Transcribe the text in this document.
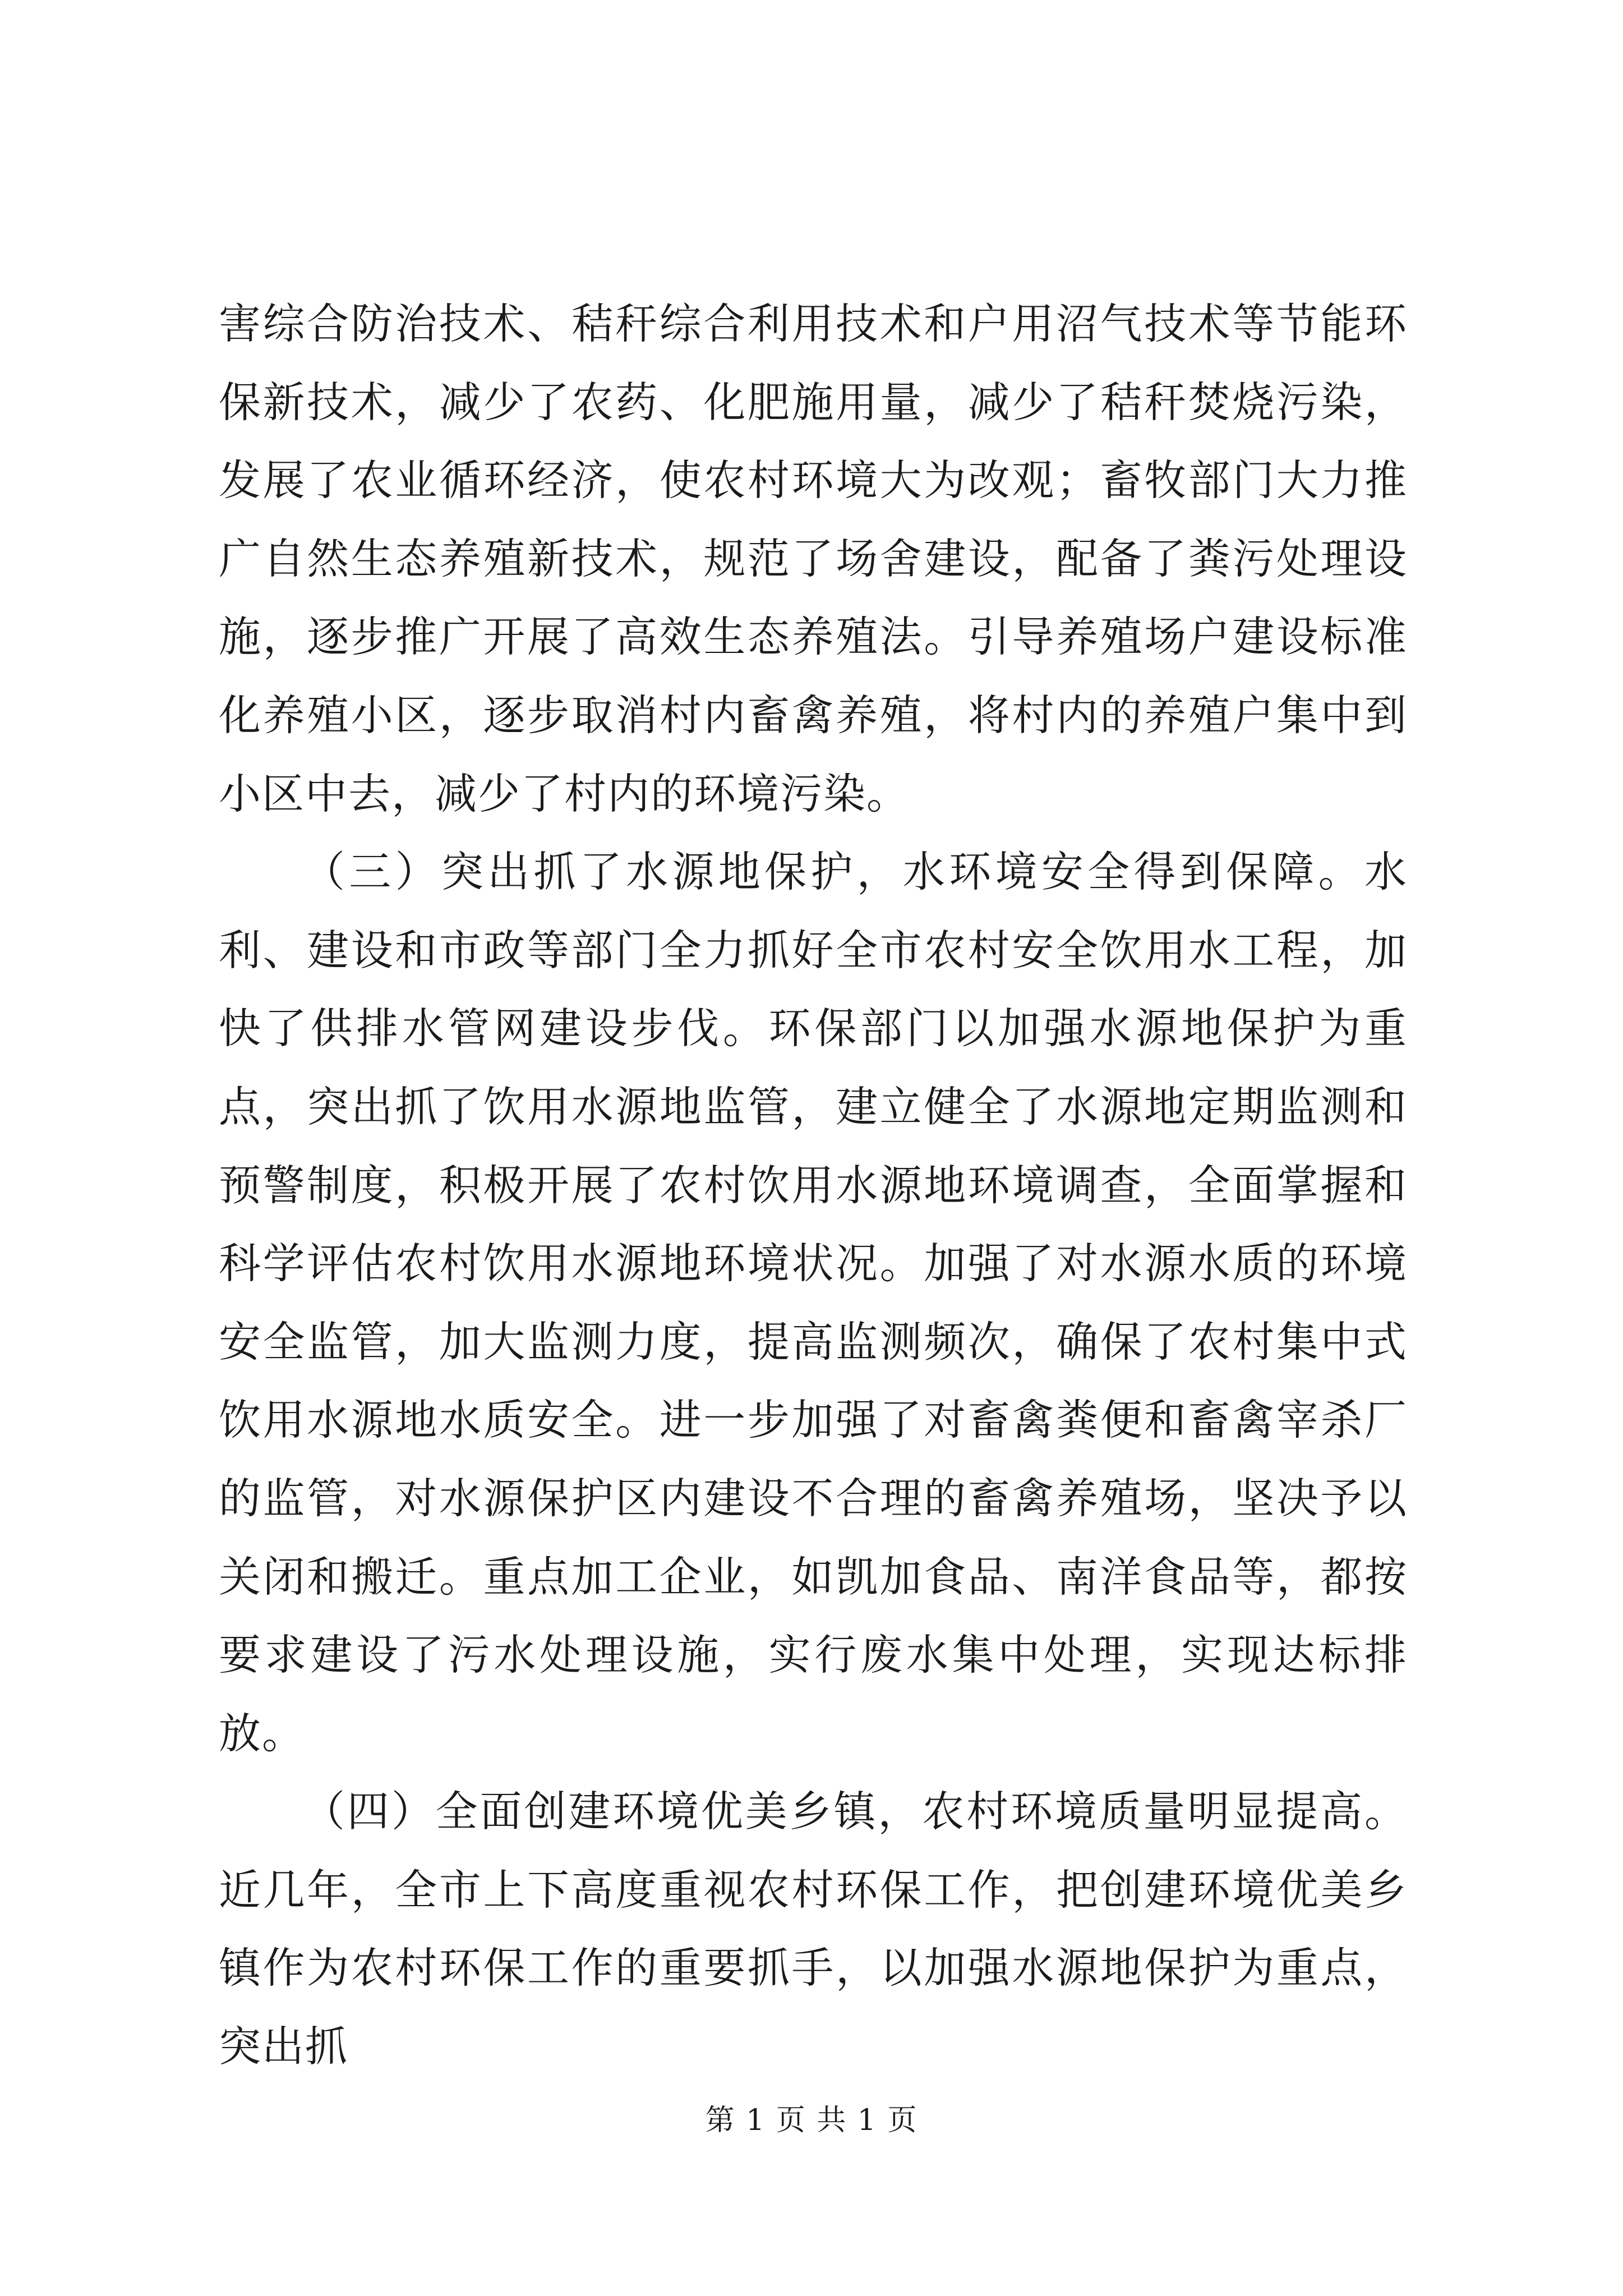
害综合防治技术、秸秆综合利用技术和户用沼气技术等节能环保新技术，减少了农药、化肥施用量，减少了秸秆焚烧污染，发展了农业循环经济，使农村环境大为改观；畜牧部门大力推广自然生态养殖新技术，规范了场舍建设，配备了粪污处理设施，逐步推广开展了高效生态养殖法。引导养殖场户建设标准化养殖小区，逐步取消村内畜禽养殖，将村内的养殖户集中到小区中去，减少了村内的环境污染。

（三）突出抓了水源地保护，水环境安全得到保障。水利、建设和市政等部门全力抓好全市农村安全饮用水工程，加快了供排水管网建设步伐。环保部门以加强水源地保护为重点，突出抓了饮用水源地监管，建立健全了水源地定期监测和预警制度，积极开展了农村饮用水源地环境调查，全面掌握和科学评估农村饮用水源地环境状况。加强了对水源水质的环境安全监管，加大监测力度，提高监测频次，确保了农村集中式饮用水源地水质安全。进一步加强了对畜禽粪便和畜禽宰杀厂的监管，对水源保护区内建设不合理的畜禽养殖场，坚决予以关闭和搬迁。重点加工企业，如凯加食品、南洋食品等，都按要求建设了污水处理设施，实行废水集中处理，实现达标排放。

（四）全面创建环境优美乡镇，农村环境质量明显提高。近几年，全市上下高度重视农村环保工作，把创建环境优美乡镇作为农村环保工作的重要抓手，以加强水源地保护为重点，突出抓

第 1 页 共 1 页
